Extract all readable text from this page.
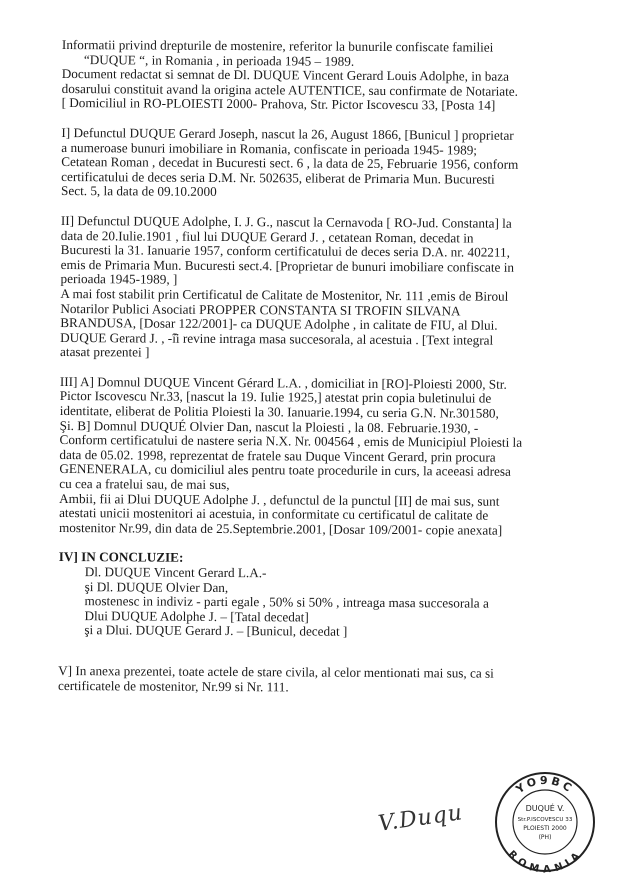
Informatii privind drepturile de mostenire, referitor la bunurile confiscate familiei
“DUQUE “, in Romania , in perioada 1945 – 1989.
Document redactat si semnat de Dl. DUQUE Vincent Gerard Louis Adolphe, in baza
dosarului constituit avand la origina actele AUTENTICE, sau confirmate de Notariate.
[ Domiciliul in RO-PLOIESTI 2000- Prahova, Str. Pictor Iscovescu 33, [Posta 14]
I] Defunctul DUQUE Gerard Joseph, nascut la 26, August 1866, [Bunicul ] proprietar
a numeroase bunuri imobiliare in Romania, confiscate in perioada 1945- 1989;
Cetatean Roman , decedat in Bucuresti sect. 6 , la data de 25, Februarie 1956, conform
certificatului de deces seria D.M. Nr. 502635, eliberat de Primaria Mun. Bucuresti
Sect. 5, la data de 09.10.2000
II] Defunctul DUQUE Adolphe, I. J. G., nascut la Cernavoda [ RO-Jud. Constanta] la
data de 20.Iulie.1901 , fiul lui DUQUE Gerard J. , cetatean Roman, decedat in
Bucuresti la 31. Ianuarie 1957, conform certificatului de deces seria D.A. nr. 402211,
emis de Primaria Mun. Bucuresti sect.4. [Proprietar de bunuri imobiliare confiscate in
perioada 1945-1989, ]
A mai fost stabilit prin Certificatul de Calitate de Mostenitor, Nr. 111 ,emis de Biroul
Notarilor Publici Asociati PROPPER CONSTANTA SI TROFIN SILVANA
BRANDUSA, [Dosar 122/2001]- ca DUQUE Adolphe , in calitate de FIU, al Dlui.
DUQUE Gerard J. , -î̂i revine intraga masa succesorala, al acestuia . [Text integral
atasat prezentei ]
III] A] Domnul DUQUE Vincent Gérard L.A. , domiciliat in [RO]-Ploiesti 2000, Str.
Pictor Iscovescu Nr.33, [nascut la 19. Iulie 1925,] atestat prin copia buletinului de
identitate, eliberat de Politia Ploiesti la 30. Ianuarie.1994, cu seria G.N. Nr.301580,
Şi. B] Domnul DUQUÉ Olvier Dan, nascut la Ploiesti , la 08. Februarie.1930, -
Conform certificatului de nastere seria N.X. Nr. 004564 , emis de Municipiul Ploiesti la
data de 05.02. 1998, reprezentat de fratele sau Duque Vincent Gerard, prin procura
GENENERALA, cu domiciliul ales pentru toate procedurile in curs, la aceeasi adresa
cu cea a fratelui sau, de mai sus,
Ambii, fii ai Dlui DUQUE Adolphe J. , defunctul de la punctul [II] de mai sus, sunt
atestati unicii mostenitori ai acestuia, in conformitate cu certificatul de calitate de
mostenitor Nr.99, din data de 25.Septembrie.2001, [Dosar 109/2001- copie anexata]
IV] IN CONCLUZIE:
Dl. DUQUE Vincent Gerard L.A.-
şi Dl. DUQUE Olvier Dan,
mostenesc in indiviz - parti egale , 50% si 50% , intreaga masa succesorala a
Dlui DUQUE Adolphe J. – [Tatal decedat]
şi a Dlui. DUQUE Gerard J. – [Bunicul, decedat ]
V] In anexa prezentei, toate actele de stare civila, al celor mentionati mai sus, ca si
certificatele de mostenitor, Nr.99 si Nr. 111.
V.Duqu
YO9BC
ROMANIA
DUQUÉ V.
Str.P.ISCOVESCU 33
PLOIESTI 2000
(PH)
